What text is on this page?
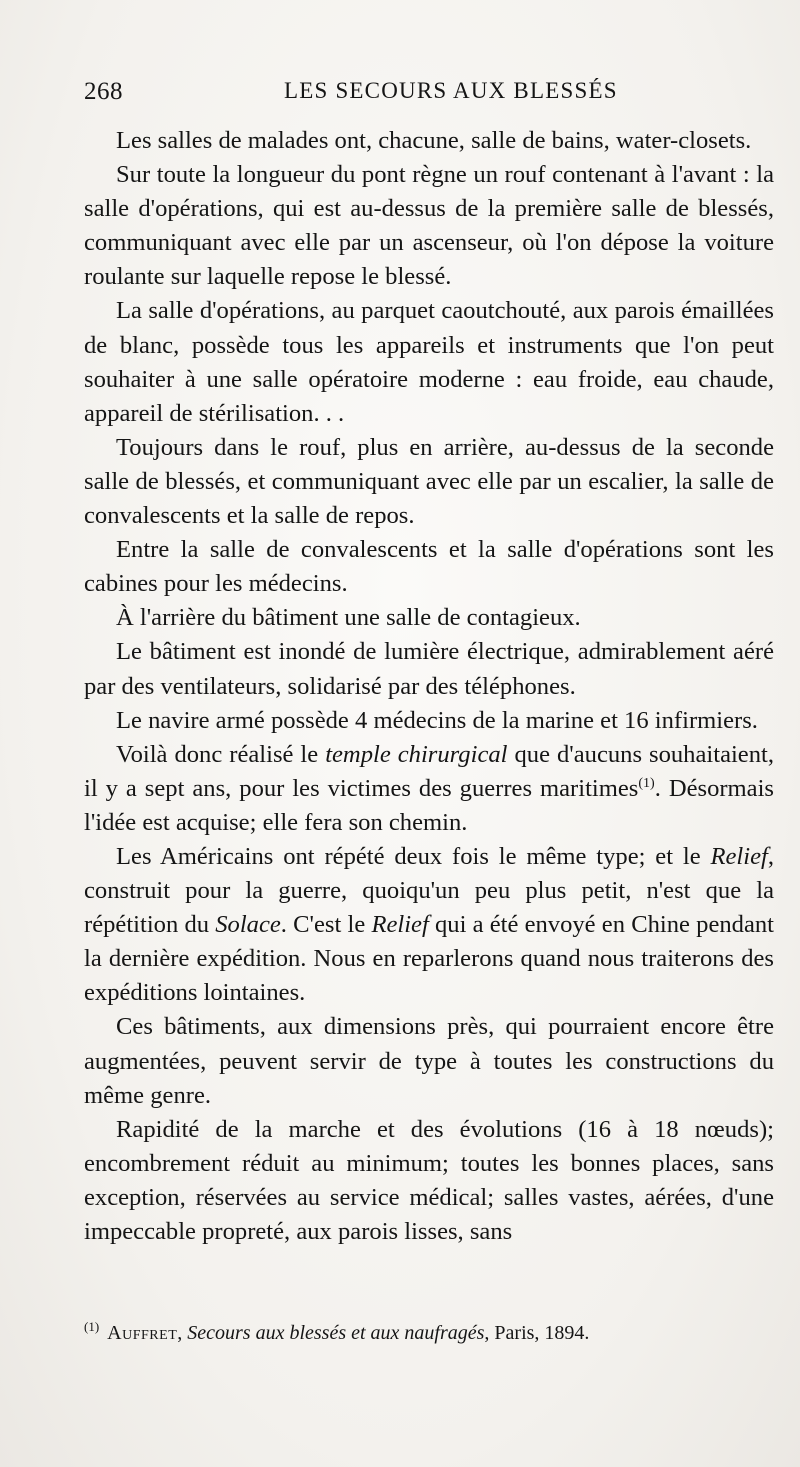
268	LES SECOURS AUX BLESSÉS

Les salles de malades ont, chacune, salle de bains, water-closets.

Sur toute la longueur du pont règne un rouf contenant à l'avant : la salle d'opérations, qui est au-dessus de la première salle de blessés, communiquant avec elle par un ascenseur, où l'on dépose la voiture roulante sur laquelle repose le blessé.

La salle d'opérations, au parquet caoutchouté, aux parois émaillées de blanc, possède tous les appareils et instruments que l'on peut souhaiter à une salle opératoire moderne : eau froide, eau chaude, appareil de stérilisation. . .

Toujours dans le rouf, plus en arrière, au-dessus de la seconde salle de blessés, et communiquant avec elle par un escalier, la salle de convalescents et la salle de repos.

Entre la salle de convalescents et la salle d'opérations sont les cabines pour les médecins.

À l'arrière du bâtiment une salle de contagieux.

Le bâtiment est inondé de lumière électrique, admirablement aéré par des ventilateurs, solidarisé par des téléphones.

Le navire armé possède 4 médecins de la marine et 16 infirmiers.

Voilà donc réalisé le temple chirurgical que d'aucuns souhaitaient, il y a sept ans, pour les victimes des guerres maritimes$^{(1)}$. Désormais l'idée est acquise; elle fera son chemin.

Les Américains ont répété deux fois le même type; et le Relief, construit pour la guerre, quoiqu'un peu plus petit, n'est que la répétition du Solace. C'est le Relief qui a été envoyé en Chine pendant la dernière expédition. Nous en reparlerons quand nous traiterons des expéditions lointaines.

Ces bâtiments, aux dimensions près, qui pourraient encore être augmentées, peuvent servir de type à toutes les constructions du même genre.

Rapidité de la marche et des évolutions (16 à 18 nœuds); encombrement réduit au minimum; toutes les bonnes places, sans exception, réservées au service médical; salles vastes, aérées, d'une impeccable propreté, aux parois lisses, sans

$^{(1)}$ Auffret, Secours aux blessés et aux naufragés, Paris, 1894.
